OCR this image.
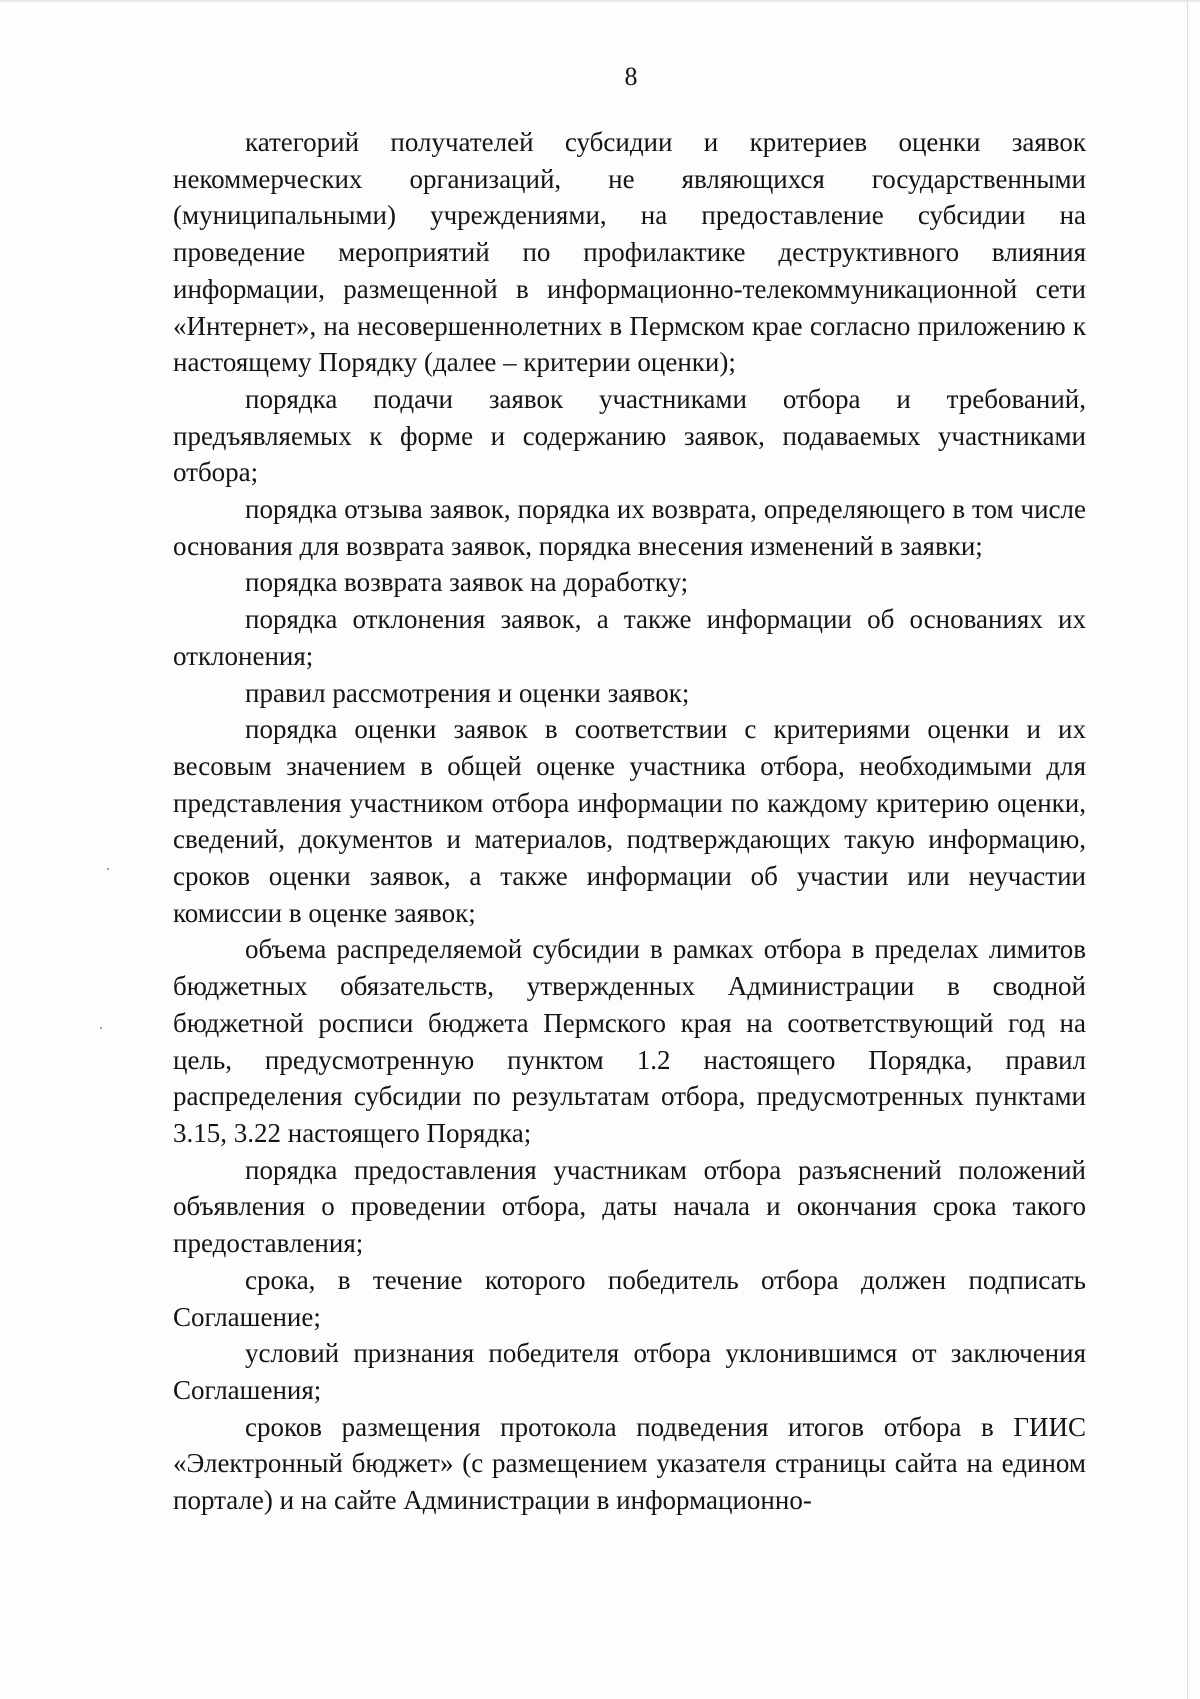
8

категорий получателей субсидии и критериев оценки заявок некоммерческих организаций, не являющихся государственными (муниципальными) учреждениями, на предоставление субсидии на проведение мероприятий по профилактике деструктивного влияния информации, размещенной в информационно-телекоммуникационной сети «Интернет», на несовершеннолетних в Пермском крае согласно приложению к настоящему Порядку (далее – критерии оценки);

порядка подачи заявок участниками отбора и требований, предъявляемых к форме и содержанию заявок, подаваемых участниками отбора;

порядка отзыва заявок, порядка их возврата, определяющего в том числе основания для возврата заявок, порядка внесения изменений в заявки;

порядка возврата заявок на доработку;

порядка отклонения заявок, а также информации об основаниях их отклонения;

правил рассмотрения и оценки заявок;

порядка оценки заявок в соответствии с критериями оценки и их весовым значением в общей оценке участника отбора, необходимыми для представления участником отбора информации по каждому критерию оценки, сведений, документов и материалов, подтверждающих такую информацию, сроков оценки заявок, а также информации об участии или неучастии комиссии в оценке заявок;

объема распределяемой субсидии в рамках отбора в пределах лимитов бюджетных обязательств, утвержденных Администрации в сводной бюджетной росписи бюджета Пермского края на соответствующий год на цель, предусмотренную пунктом 1.2 настоящего Порядка, правил распределения субсидии по результатам отбора, предусмотренных пунктами 3.15, 3.22 настоящего Порядка;

порядка предоставления участникам отбора разъяснений положений объявления о проведении отбора, даты начала и окончания срока такого предоставления;

срока, в течение которого победитель отбора должен подписать Соглашение;

условий признания победителя отбора уклонившимся от заключения Соглашения;

сроков размещения протокола подведения итогов отбора в ГИИС «Электронный бюджет» (с размещением указателя страницы сайта на едином портале) и на сайте Администрации в информационно-
